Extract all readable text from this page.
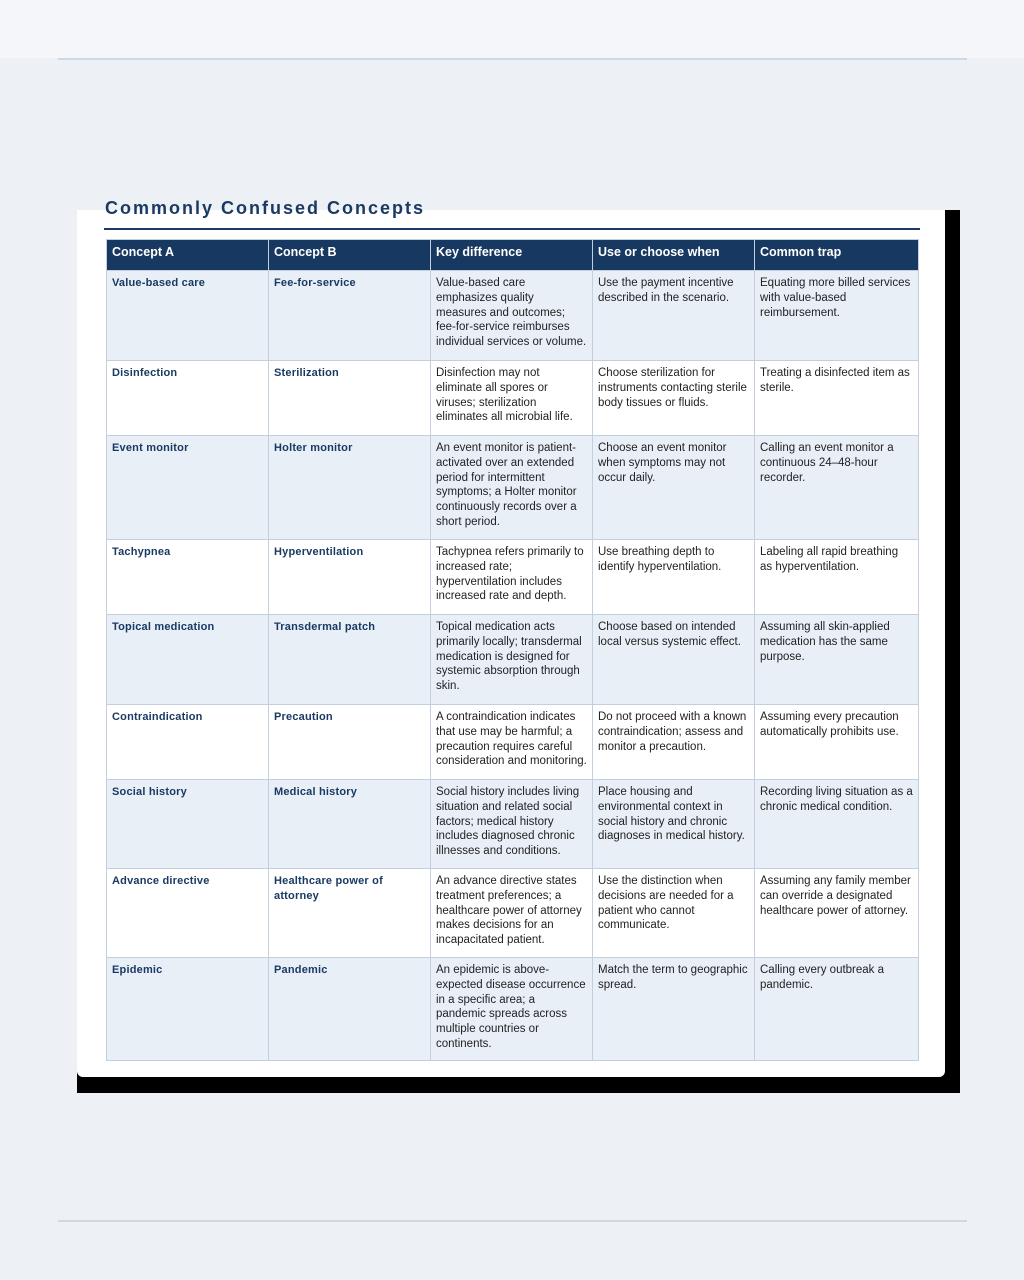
Commonly Confused Concepts
Concept A	Concept B	Key difference	Use or choose when	Common trap
Value-based care	Fee-for-service	Value-based care emphasizes quality measures and outcomes; fee-for-service reimburses individual services or volume.	Use the payment incentive described in the scenario.	Equating more billed services with value-based reimbursement.
Disinfection	Sterilization	Disinfection may not eliminate all spores or viruses; sterilization eliminates all microbial life.	Choose sterilization for instruments contacting sterile body tissues or fluids.	Treating a disinfected item as sterile.
Event monitor	Holter monitor	An event monitor is patient-activated over an extended period for intermittent symptoms; a Holter monitor continuously records over a short period.	Choose an event monitor when symptoms may not occur daily.	Calling an event monitor a continuous 24–48-hour recorder.
Tachypnea	Hyperventilation	Tachypnea refers primarily to increased rate; hyperventilation includes increased rate and depth.	Use breathing depth to identify hyperventilation.	Labeling all rapid breathing as hyperventilation.
Topical medication	Transdermal patch	Topical medication acts primarily locally; transdermal medication is designed for systemic absorption through skin.	Choose based on intended local versus systemic effect.	Assuming all skin-applied medication has the same purpose.
Contraindication	Precaution	A contraindication indicates that use may be harmful; a precaution requires careful consideration and monitoring.	Do not proceed with a known contraindication; assess and monitor a precaution.	Assuming every precaution automatically prohibits use.
Social history	Medical history	Social history includes living situation and related social factors; medical history includes diagnosed chronic illnesses and conditions.	Place housing and environmental context in social history and chronic diagnoses in medical history.	Recording living situation as a chronic medical condition.
Advance directive	Healthcare power of attorney	An advance directive states treatment preferences; a healthcare power of attorney makes decisions for an incapacitated patient.	Use the distinction when decisions are needed for a patient who cannot communicate.	Assuming any family member can override a designated healthcare power of attorney.
Epidemic	Pandemic	An epidemic is above-expected disease occurrence in a specific area; a pandemic spreads across multiple countries or continents.	Match the term to geographic spread.	Calling every outbreak a pandemic.
